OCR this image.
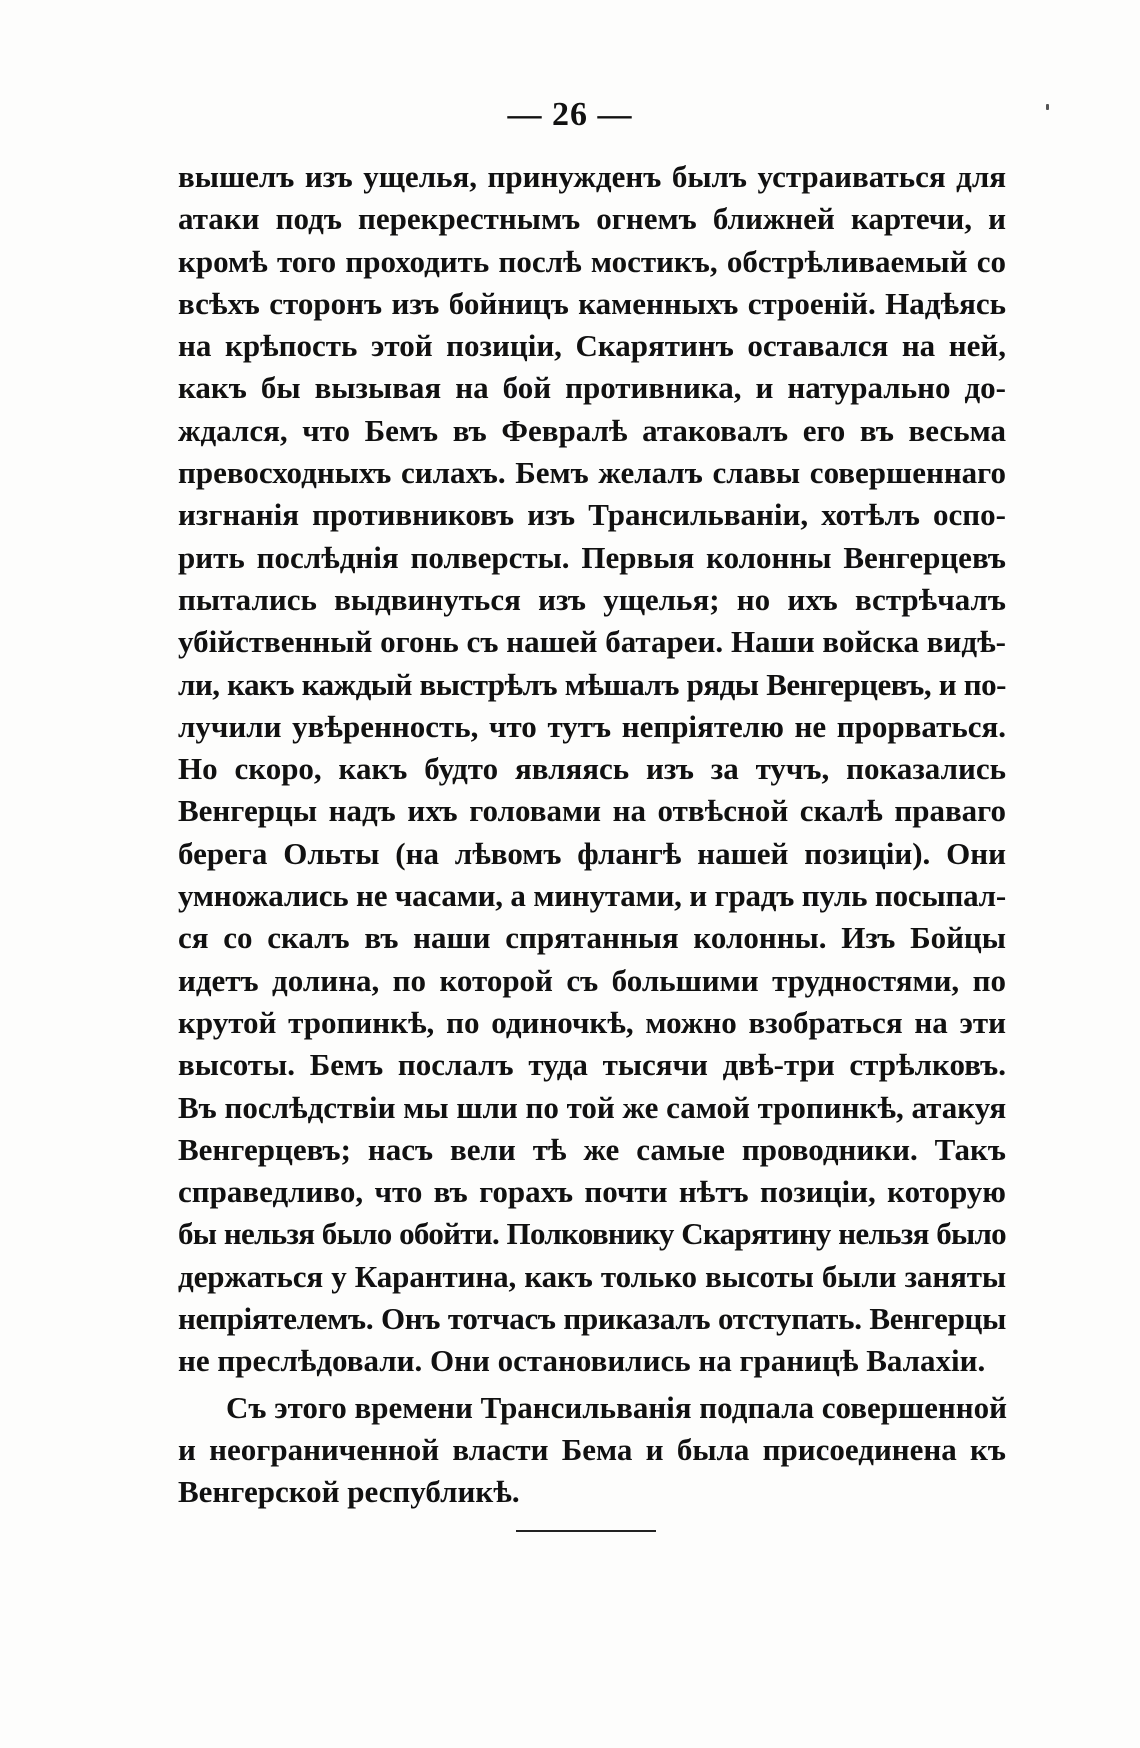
— 26 —
вышелъ изъ ущелья, принужденъ былъ устраиваться для
атаки подъ перекрестнымъ огнемъ ближней картечи, и
кромѣ того проходить послѣ мостикъ, обстрѣливаемый со
всѣхъ сторонъ изъ бойницъ каменныхъ строеній. Надѣясь
на крѣпость этой позиціи, Скарятинъ оставался на ней,
какъ бы вызывая на бой противника, и натурально до-
ждался, что Бемъ въ Февралѣ атаковалъ его въ весьма
превосходныхъ силахъ. Бемъ желалъ славы совершеннаго
изгнанія противниковъ изъ Трансильваніи, хотѣлъ оспо-
рить послѣднія полверсты. Первыя колонны Венгерцевъ
пытались выдвинуться изъ ущелья; но ихъ встрѣчалъ
убійственный огонь съ нашей батареи. Наши войска видѣ-
ли, какъ каждый выстрѣлъ мѣшалъ ряды Венгерцевъ, и по-
лучили увѣренность, что тутъ непріятелю не прорваться.
Но скоро, какъ будто являясь изъ за тучъ, показались
Венгерцы надъ ихъ головами на отвѣсной скалѣ праваго
берега Ольты (на лѣвомъ флангѣ нашей позиціи). Они
умножались не часами, а минутами, и градъ пуль посыпал-
ся со скалъ въ наши спрятанныя колонны. Изъ Бойцы
идетъ долина, по которой съ большими трудностями, по
крутой тропинкѣ, по одиночкѣ, можно взобраться на эти
высоты. Бемъ послалъ туда тысячи двѣ-три стрѣлковъ.
Въ послѣдствіи мы шли по той же самой тропинкѣ, атакуя
Венгерцевъ; насъ вели тѣ же самые проводники. Такъ
справедливо, что въ горахъ почти нѣтъ позиціи, которую
бы нельзя было обойти. Полковнику Скарятину нельзя было
держаться у Карантина, какъ только высоты были заняты
непріятелемъ. Онъ тотчасъ приказалъ отступать. Венгерцы
не преслѣдовали. Они остановились на границѣ Валахіи.
Съ этого времени Трансильванія подпала совершенной
и неограниченной власти Бема и была присоединена къ
Венгерской республикѣ.
